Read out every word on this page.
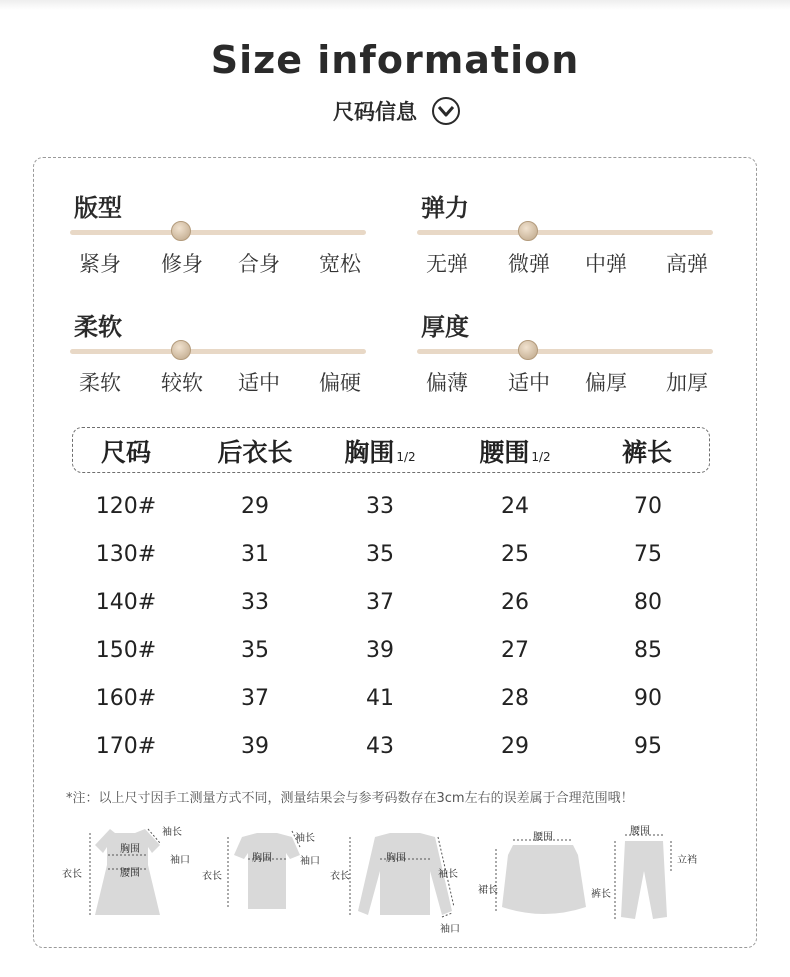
Size information
尺码信息
版型
紧身	修身	合身	宽松
弹力
无弹	微弹	中弹	高弹
柔软
柔软	较软	适中	偏硬
厚度
偏薄	适中	偏厚	加厚
尺码	后衣长	胸围 1/2	腰围 1/2	裤长
120#	29	33	24	70
130#	31	35	25	75
140#	33	37	26	80
150#	35	39	27	85
160#	37	41	28	90
170#	39	43	29	95
*注：以上尺寸因手工测量方式不同，测量结果会与参考码数存在3cm左右的误差属于合理范围哦！
衣长
胸围
腰围
袖长
袖口
衣长
胸围
袖长
袖口
衣长
胸围
袖长
袖口
腰围
裙长
腰围
立裆
裤长
